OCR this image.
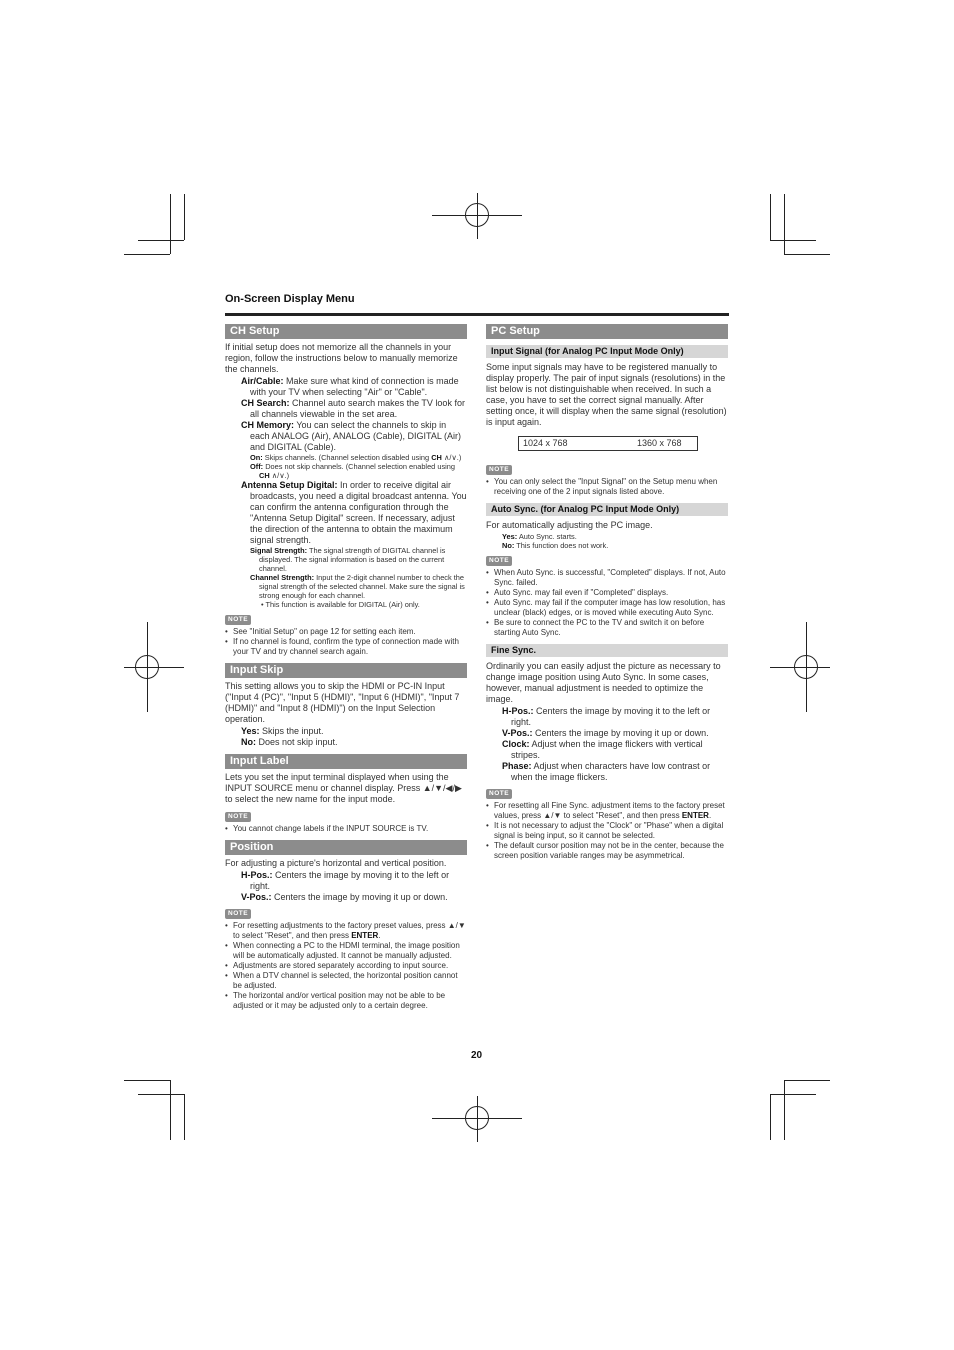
On-Screen Display Menu
CH Setup

If initial setup does not memorize all the channels in your region, follow the instructions below to manually memorize the channels.

Air/Cable: Make sure what kind of connection is made with your TV when selecting "Air" or "Cable".
CH Search: Channel auto search makes the TV look for all channels viewable in the set area.
CH Memory: You can select the channels to skip in each ANALOG (Air), ANALOG (Cable), DIGITAL (Air) and DIGITAL (Cable).
On: Skips channels. (Channel selection disabled using CH ∧/∨.)
Off: Does not skip channels. (Channel selection enabled using CH ∧/∨.)
Antenna Setup Digital: In order to receive digital air broadcasts, you need a digital broadcast antenna. You can confirm the antenna configuration through the "Antenna Setup Digital" screen. If necessary, adjust the direction of the antenna to obtain the maximum signal strength.
Signal Strength: The signal strength of DIGITAL channel is displayed. The signal information is based on the current channel.
Channel Strength: Input the 2-digit channel number to check the signal strength of the selected channel. Make sure the signal is strong enough for each channel.
• This function is available for DIGITAL (Air) only.
NOTE
• See "Initial Setup" on page 12 for setting each item.
• If no channel is found, confirm the type of connection made with your TV and try channel search again.
Input Skip

This setting allows you to skip the HDMI or PC-IN Input ("Input 4 (PC)", "Input 5 (HDMI)", "Input 6 (HDMI)", "Input 7 (HDMI)" and "Input 8 (HDMI)") on the Input Selection operation.

Yes: Skips the input.
No: Does not skip input.
Input Label

Lets you set the input terminal displayed when using the INPUT SOURCE menu or channel display. Press ▲/▼/◀/▶ to select the new name for the input mode.

NOTE
• You cannot change labels if the INPUT SOURCE is TV.
Position

For adjusting a picture's horizontal and vertical position.

H-Pos.: Centers the image by moving it to the left or right.
V-Pos.: Centers the image by moving it up or down.
NOTE
• For resetting adjustments to the factory preset values, press ▲/▼ to select "Reset", and then press ENTER.
• When connecting a PC to the HDMI terminal, the image position will be automatically adjusted. It cannot be manually adjusted.
• Adjustments are stored separately according to input source.
• When a DTV channel is selected, the horizontal position cannot be adjusted.
• The horizontal and/or vertical position may not be able to be adjusted or it may be adjusted only to a certain degree.
PC Setup
Input Signal (for Analog PC Input Mode Only)

Some input signals may have to be registered manually to display properly. The pair of input signals (resolutions) in the list below is not distinguishable when received. In such a case, you have to set the correct signal manually. After setting once, it will display when the same signal (resolution) is input again.

1024 x 768	1360 x 768
NOTE
• You can only select the "Input Signal" on the Setup menu when receiving one of the 2 input signals listed above.
Auto Sync. (for Analog PC Input Mode Only)

For automatically adjusting the PC image.

Yes: Auto Sync. starts.
No: This function does not work.
NOTE
• When Auto Sync. is successful, "Completed" displays. If not, Auto Sync. failed.
• Auto Sync. may fail even if "Completed" displays.
• Auto Sync. may fail if the computer image has low resolution, has unclear (black) edges, or is moved while executing Auto Sync.
• Be sure to connect the PC to the TV and switch it on before starting Auto Sync.
Fine Sync.

Ordinarily you can easily adjust the picture as necessary to change image position using Auto Sync. In some cases, however, manual adjustment is needed to optimize the image.

H-Pos.: Centers the image by moving it to the left or right.
V-Pos.: Centers the image by moving it up or down.
Clock: Adjust when the image flickers with vertical stripes.
Phase: Adjust when characters have low contrast or when the image flickers.
NOTE
• For resetting all Fine Sync. adjustment items to the factory preset values, press ▲/▼ to select "Reset", and then press ENTER.
• It is not necessary to adjust the "Clock" or "Phase" when a digital signal is being input, so it cannot be selected.
• The default cursor position may not be in the center, because the screen position variable ranges may be asymmetrical.
20
